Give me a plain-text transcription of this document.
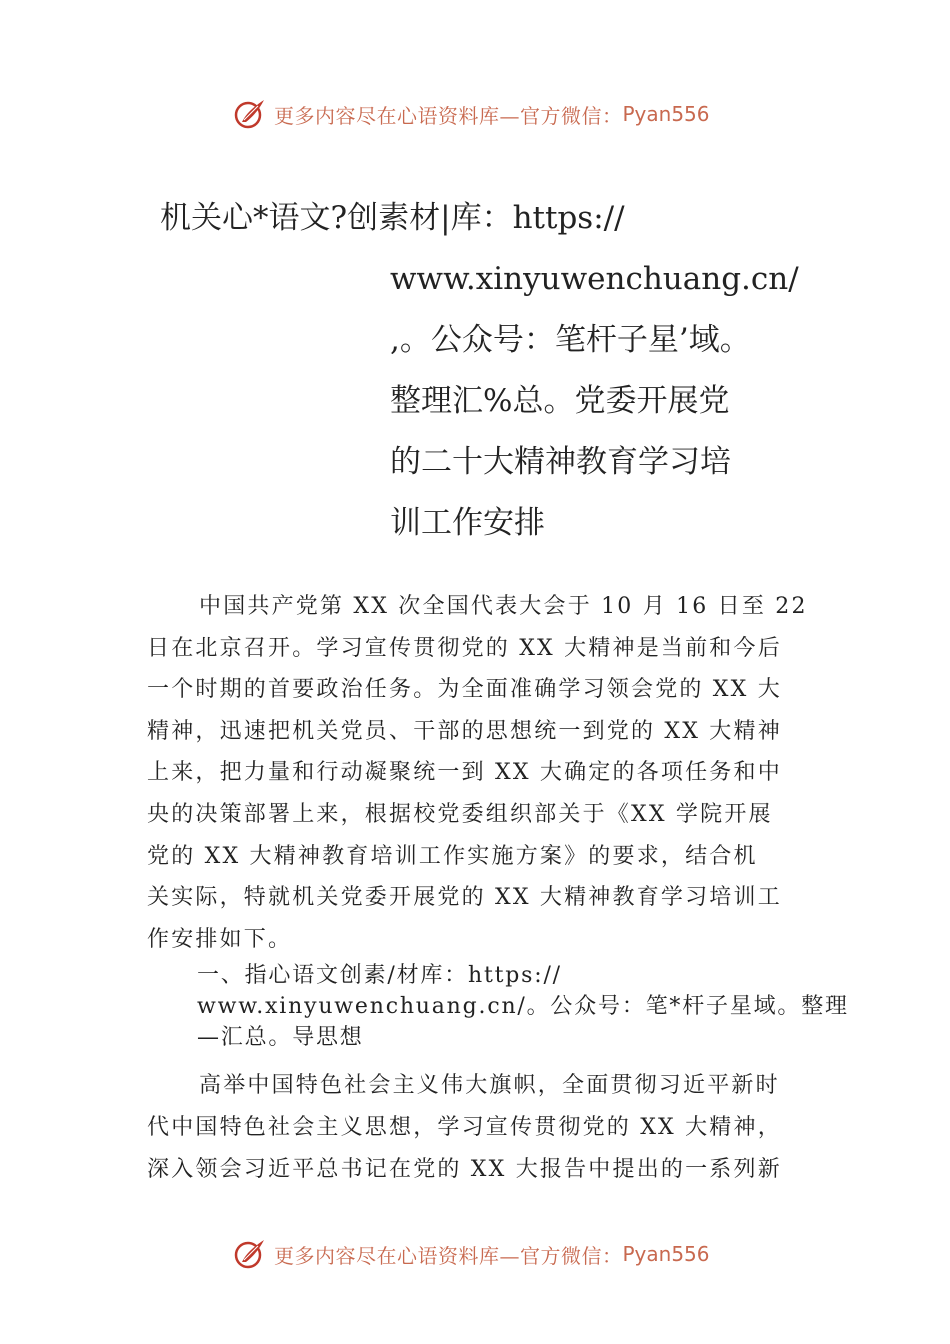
更多内容尽在心语资料库—官方微信： Pyan556
机关心*语文?创素材|库：https://
www.xinyuwenchuang.cn/
,。公众号：笔杆子星’域。
整理汇%总。党委开展党
的二十大精神教育学习培
训工作安排
中国共产党第 XX 次全国代表大会于 10 月 16 日至 22
日在北京召开。学习宣传贯彻党的 XX 大精神是当前和今后
一个时期的首要政治任务。为全面准确学习领会党的 XX 大
精神，迅速把机关党员、干部的思想统一到党的 XX 大精神
上来，把力量和行动凝聚统一到 XX 大确定的各项任务和中
央的决策部署上来，根据校党委组织部关于《XX 学院开展
党的 XX 大精神教育培训工作实施方案》的要求，结合机
关实际，特就机关党委开展党的 XX 大精神教育学习培训工
作安排如下。
一、指心语文创素/材库：https://
www.xinyuwenchuang.cn/。公众号：笔*杆子星域。整理
—汇总。导思想
高举中国特色社会主义伟大旗帜，全面贯彻习近平新时
代中国特色社会主义思想，学习宣传贯彻党的 XX 大精神，
深入领会习近平总书记在党的 XX 大报告中提出的一系列新
更多内容尽在心语资料库—官方微信： Pyan556
